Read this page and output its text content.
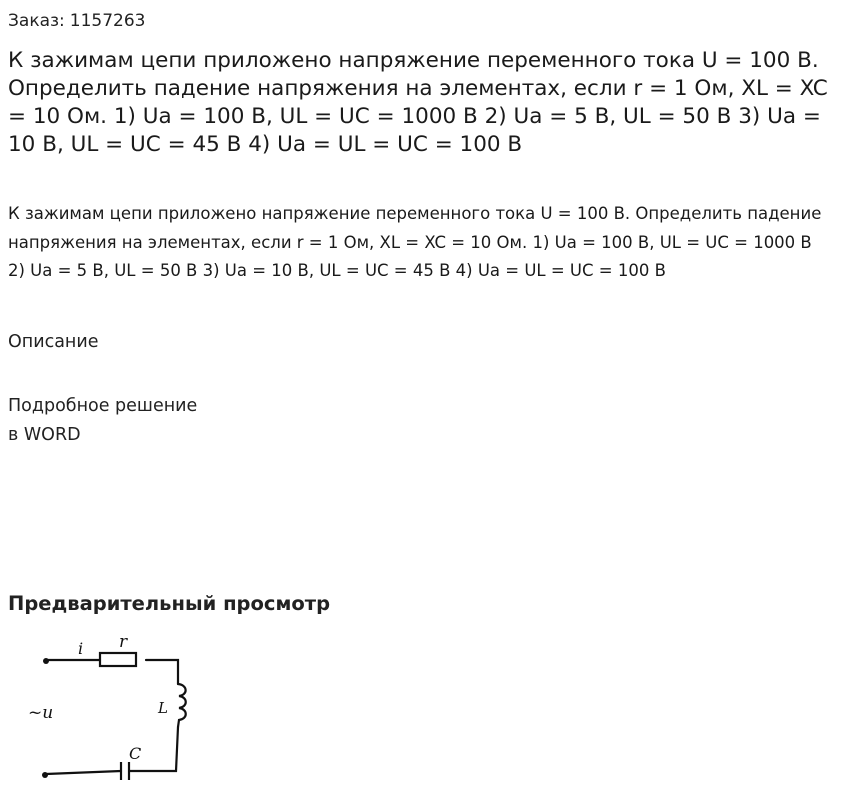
Заказ: 1157263
К зажимам цепи приложено напряжение переменного тока U = 100 В. Определить падение напряжения на элементах, если r = 1 Ом, XL = XC = 10 Ом. 1) Ua = 100 В, UL = UC = 1000 В 2) Ua = 5 В, UL = 50 В 3) Ua = 10 В, UL = UC = 45 В 4) Ua = UL = UC = 100 В

К зажимам цепи приложено напряжение переменного тока U = 100 В. Определить падение напряжения на элементах, если r = 1 Ом, XL = XC = 10 Ом. 1) Ua = 100 В, UL = UC = 1000 В 2) Ua = 5 В, UL = 50 В 3) Ua = 10 В, UL = UC = 45 В 4) Ua = UL = UC = 100 В

Описание
Подробное решение
в WORD
Предварительный просмотр
i r
~u	L
C
